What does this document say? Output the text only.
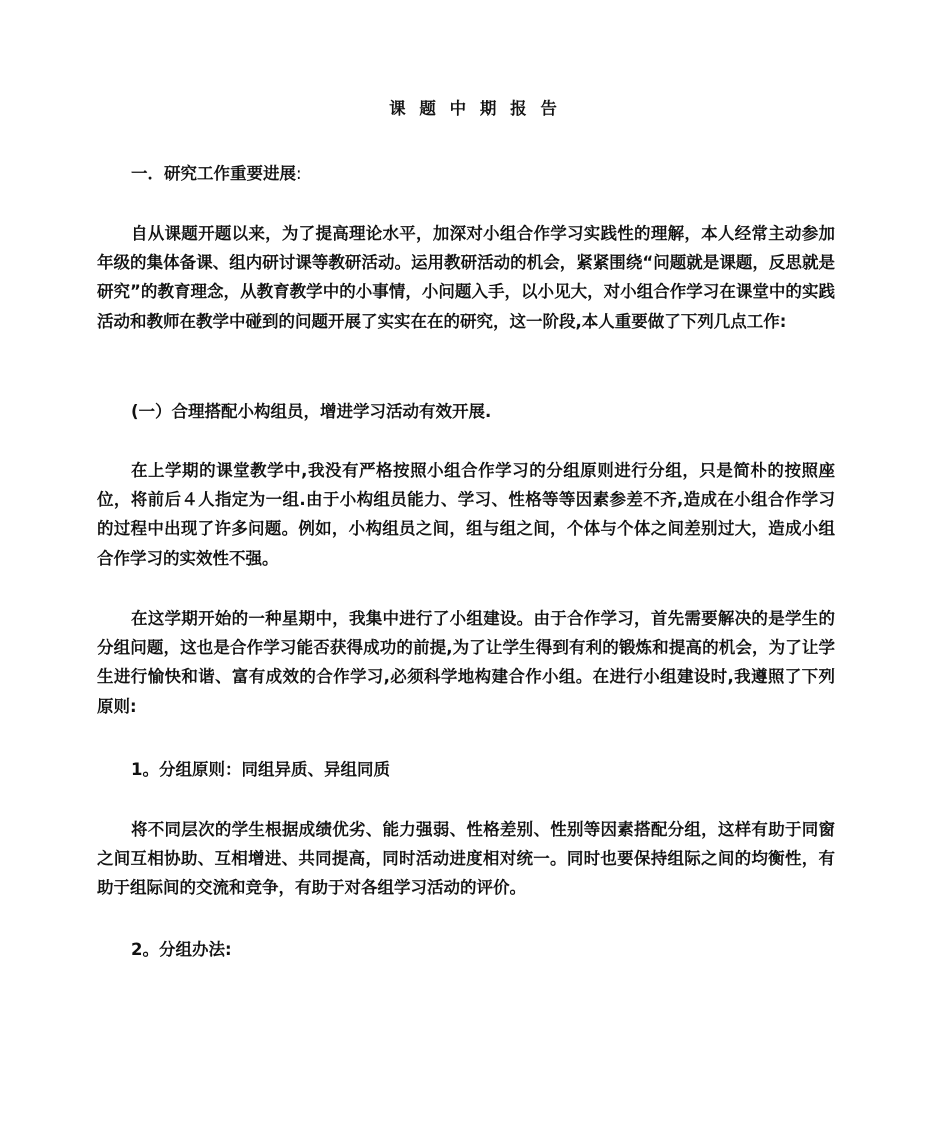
课 题 中 期 报 告

一．研究工作重要进展:

自从课题开题以来，为了提高理论水平，加深对小组合作学习实践性的理解，本人经常主动参加年级的集体备课、组内研讨课等教研活动。运用教研活动的机会，紧紧围绕“问题就是课题，反思就是研究”的教育理念，从教育教学中的小事情，小问题入手，以小见大，对小组合作学习在课堂中的实践活动和教师在教学中碰到的问题开展了实实在在的研究，这一阶段,本人重要做了下列几点工作:

(一）合理搭配小构组员，增进学习活动有效开展.

在上学期的课堂教学中,我没有严格按照小组合作学习的分组原则进行分组，只是简朴的按照座位，将前后４人指定为一组.由于小构组员能力、学习、性格等等因素参差不齐,造成在小组合作学习的过程中出现了许多问题。例如，小构组员之间，组与组之间，个体与个体之间差别过大，造成小组合作学习的实效性不强。

在这学期开始的一种星期中，我集中进行了小组建设。由于合作学习，首先需要解决的是学生的分组问题，这也是合作学习能否获得成功的前提,为了让学生得到有利的锻炼和提高的机会，为了让学生进行愉快和谐、富有成效的合作学习,必须科学地构建合作小组。在进行小组建设时,我遵照了下列原则:

1。分组原则：同组异质、异组同质

将不同层次的学生根据成绩优劣、能力强弱、性格差别、性别等因素搭配分组，这样有助于同窗之间互相协助、互相增进、共同提高，同时活动进度相对统一。同时也要保持组际之间的均衡性，有助于组际间的交流和竞争，有助于对各组学习活动的评价。

2。分组办法:
